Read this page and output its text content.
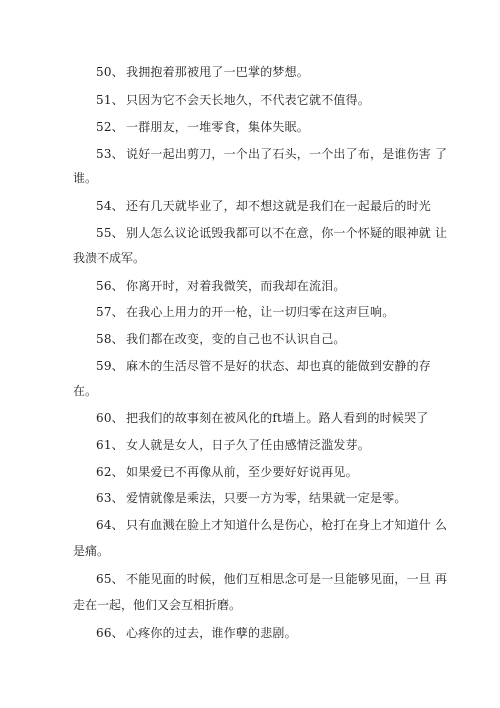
50、 我拥抱着那被甩了一巴掌的梦想。
51、 只因为它不会天长地久，不代表它就不值得。
52、 一群朋友，一堆零食，集体失眠。
53、 说好一起出剪刀，一个出了石头，一个出了布，是谁伤害 了
谁。
54、 还有几天就毕业了，却不想这就是我们在一起最后的时光
55、 别人怎么议论诋毁我都可以不在意，你一个怀疑的眼神就 让
我溃不成军。
56、 你离开时，对着我微笑，而我却在流泪。
57、 在我心上用力的开一枪，让一切归零在这声巨响。
58、 我们都在改变，变的自己也不认识自己。
59、 麻木的生活尽管不是好的状态、却也真的能做到安静的存
在。
60、 把我们的故事刻在被风化的ft墙上。路人看到的时候哭了
61、 女人就是女人，日子久了任由感情泛滥发芽。
62、 如果爱已不再像从前，至少要好好说再见。
63、 爱情就像是乘法，只要一方为零，结果就一定是零。
64、 只有血溅在脸上才知道什么是伤心，枪打在身上才知道什 么
是痛。
65、 不能见面的时候，他们互相思念可是一旦能够见面，一旦 再
走在一起，他们又会互相折磨。
66、 心疼你的过去，谁作孽的悲剧。
